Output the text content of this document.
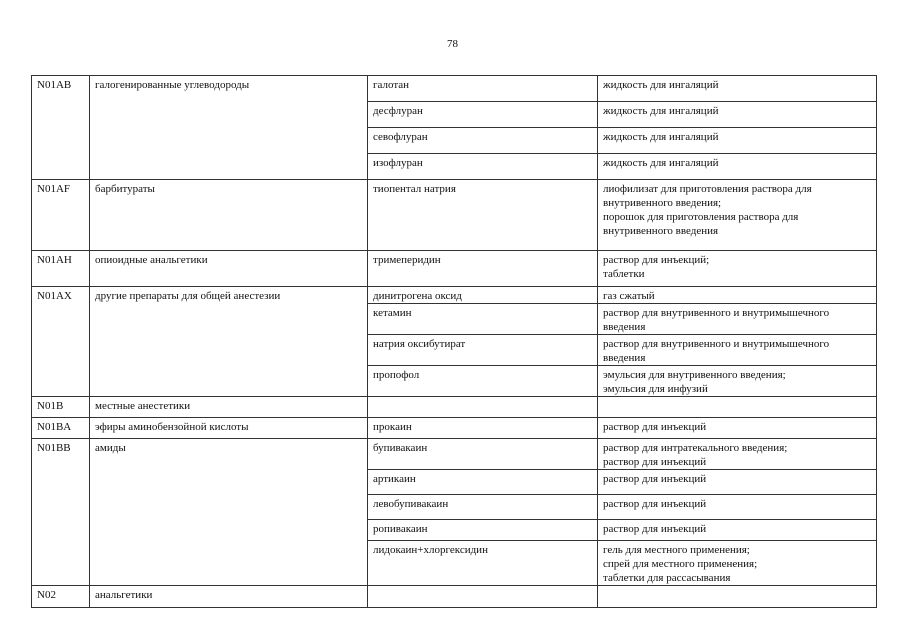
78
N01AB	галогенированные углеводороды	галотан	жидкость для ингаляций
		десфлуран	жидкость для ингаляций
		севофлуран	жидкость для ингаляций
		изофлуран	жидкость для ингаляций
N01AF	барбитураты	тиопентал натрия	лиофилизат для приготовления раствора для внутривенного введения;
порошок для приготовления раствора для внутривенного введения
N01AH	опиоидные анальгетики	тримеперидин	раствор для инъекций;
таблетки
N01AX	другие препараты для общей анестезии	динитрогена оксид	газ сжатый
		кетамин	раствор для внутривенного и внутримышечного введения
		натрия оксибутират	раствор для внутривенного и внутримышечного введения
		пропофол	эмульсия для внутривенного введения;
эмульсия для инфузий
N01B	местные анестетики		
N01BA	эфиры аминобензойной кислоты	прокаин	раствор для инъекций
N01BB	амиды	бупивакаин	раствор для интратекального введения;
раствор для инъекций
		артикаин	раствор для инъекций
		левобупивакаин	раствор для инъекций
		ропивакаин	раствор для инъекций
		лидокаин+хлоргексидин	гель для местного применения;
спрей для местного применения;
таблетки для рассасывания
N02	анальгетики		
